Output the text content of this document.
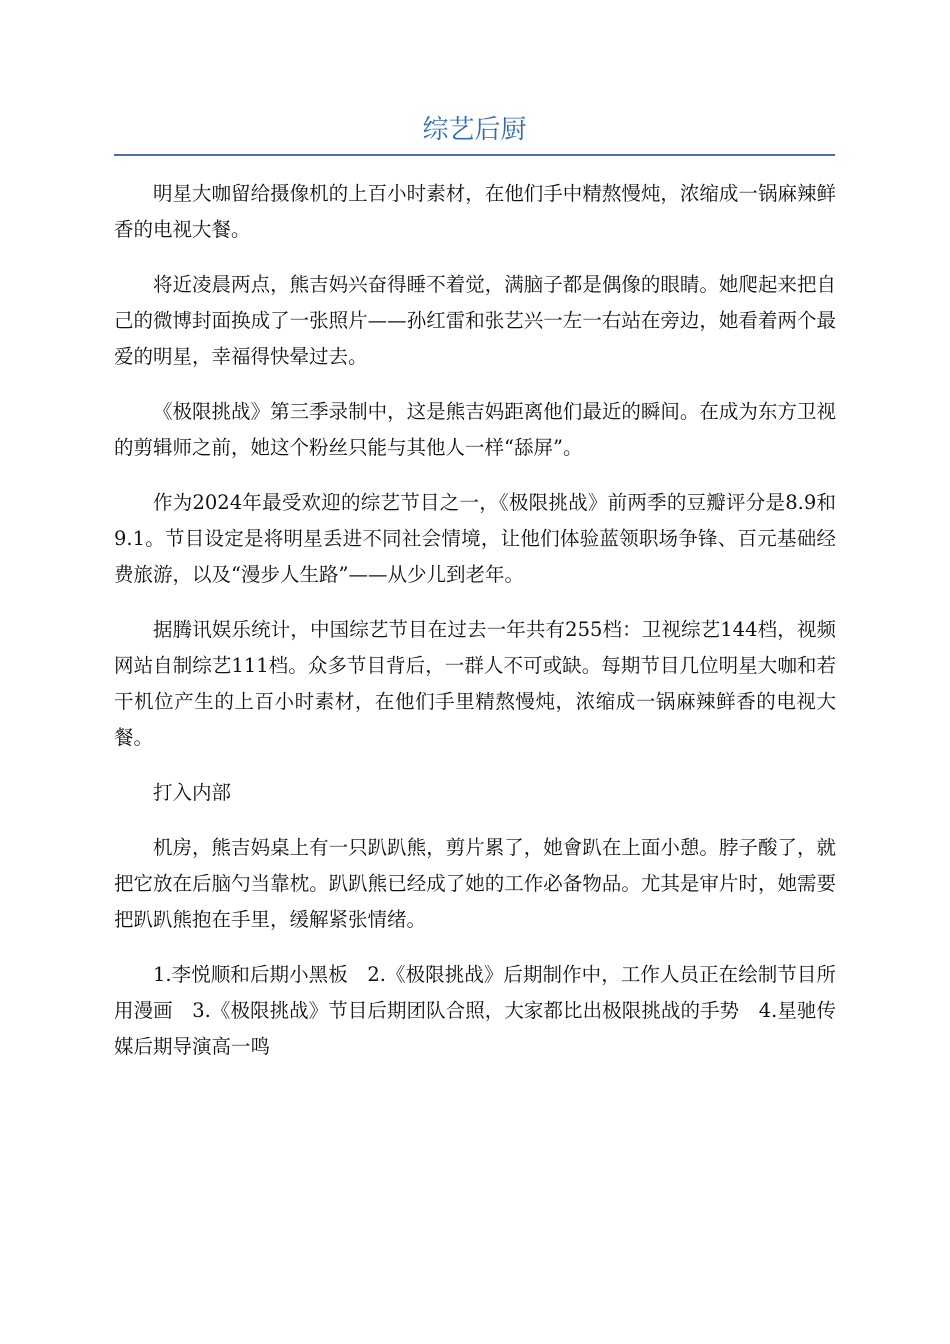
综艺后厨

明星大咖留给摄像机的上百小时素材，在他们手中精熬慢炖，浓缩成一锅麻辣鲜香的电视大餐。

将近凌晨两点，熊吉妈兴奋得睡不着觉，满脑子都是偶像的眼睛。她爬起来把自己的微博封面换成了一张照片——孙红雷和张艺兴一左一右站在旁边，她看着两个最爱的明星，幸福得快晕过去。

《极限挑战》第三季录制中，这是熊吉妈距离他们最近的瞬间。在成为东方卫视的剪辑师之前，她这个粉丝只能与其他人一样“舔屏”。

作为2024年最受欢迎的综艺节目之一，《极限挑战》前两季的豆瓣评分是8.9和9.1。节目设定是将明星丢进不同社会情境，让他们体验蓝领职场争锋、百元基础经费旅游，以及“漫步人生路”——从少儿到老年。

据腾讯娱乐统计，中国综艺节目在过去一年共有255档：卫视综艺144档，视频网站自制综艺111档。众多节目背后，一群人不可或缺。每期节目几位明星大咖和若干机位产生的上百小时素材，在他们手里精熬慢炖，浓缩成一锅麻辣鲜香的电视大餐。

打入内部

机房，熊吉妈桌上有一只趴趴熊，剪片累了，她會趴在上面小憩。脖子酸了，就把它放在后脑勺当靠枕。趴趴熊已经成了她的工作必备物品。尤其是审片时，她需要把趴趴熊抱在手里，缓解紧张情绪。

1.李悦顺和后期小黑板　2.《极限挑战》后期制作中，工作人员正在绘制节目所用漫画　3.《极限挑战》节目后期团队合照，大家都比出极限挑战的手势　4.星驰传媒后期导演高一鸣
